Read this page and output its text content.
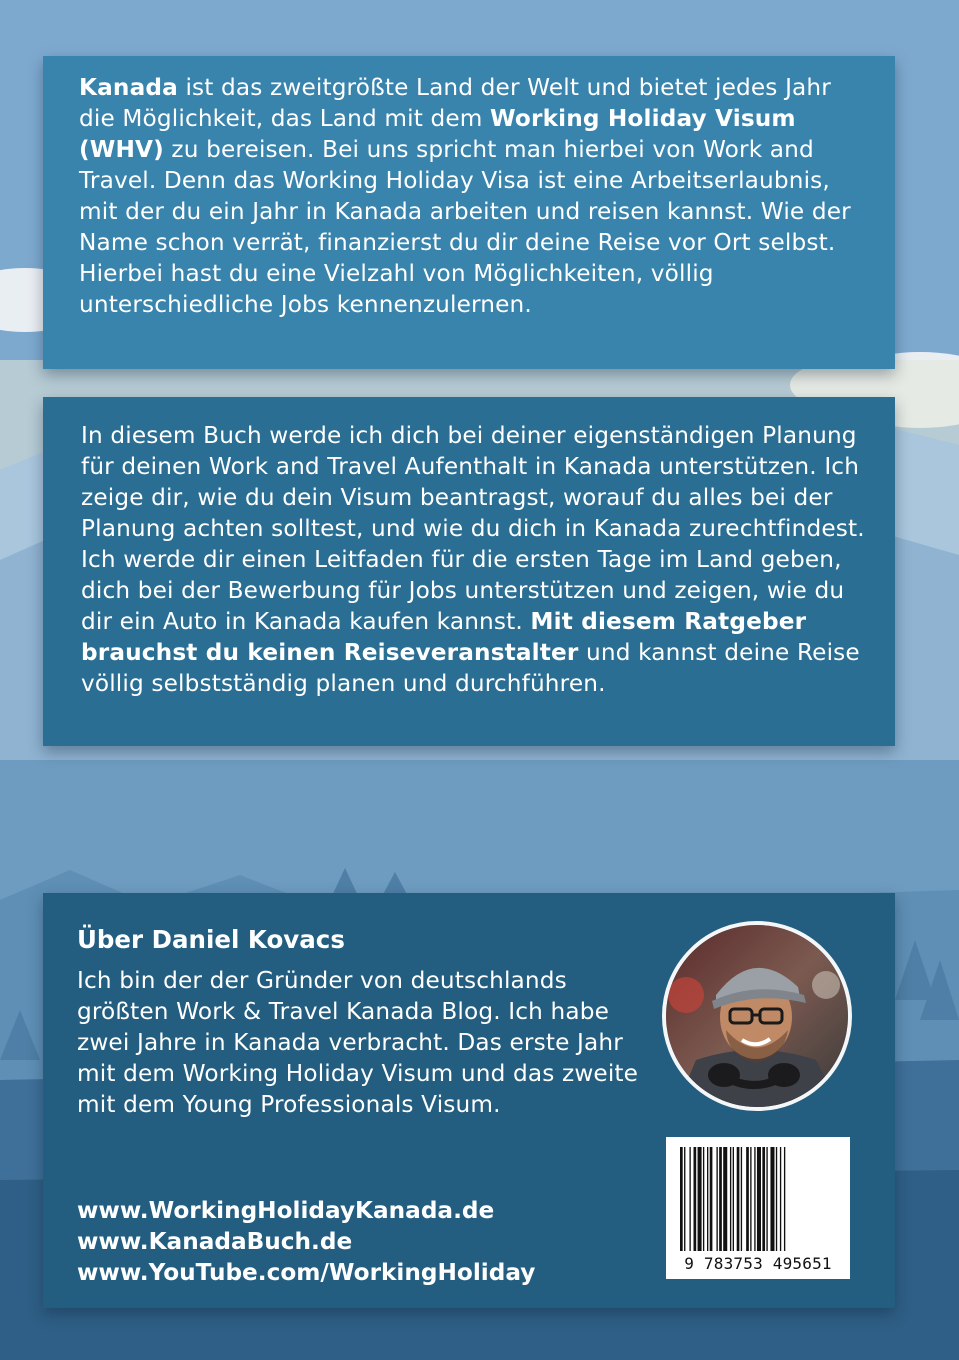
Kanada ist das zweitgrößte Land der Welt und bietet jedes Jahr die Möglichkeit, das Land mit dem Working Holiday Visum (WHV) zu bereisen. Bei uns spricht man hierbei von Work and Travel. Denn das Working Holiday Visa ist eine Arbeitserlaubnis, mit der du ein Jahr in Kanada arbeiten und reisen kannst. Wie der Name schon verrät, finanzierst du dir deine Reise vor Ort selbst. Hierbei hast du eine Vielzahl von Möglichkeiten, völlig unterschiedliche Jobs kennenzulernen.

In diesem Buch werde ich dich bei deiner eigenständigen Planung für deinen Work and Travel Aufenthalt in Kanada unterstützen. Ich zeige dir, wie du dein Visum beantragst, worauf du alles bei der Planung achten solltest, und wie du dich in Kanada zurechtfindest. Ich werde dir einen Leitfaden für die ersten Tage im Land geben, dich bei der Bewerbung für Jobs unterstützen und zeigen, wie du dir ein Auto in Kanada kaufen kannst. Mit diesem Ratgeber brauchst du keinen Reiseveranstalter und kannst deine Reise völlig selbstständig planen und durchführen.

Über Daniel Kovacs

Ich bin der der Gründer von deutschlands größten Work & Travel Kanada Blog. Ich habe zwei Jahre in Kanada verbracht. Das erste Jahr mit dem Working Holiday Visum und das zweite mit dem Young Professionals Visum.

www.WorkingHolidayKanada.de
www.KanadaBuch.de
www.YouTube.com/WorkingHoliday	9 783753 495651
